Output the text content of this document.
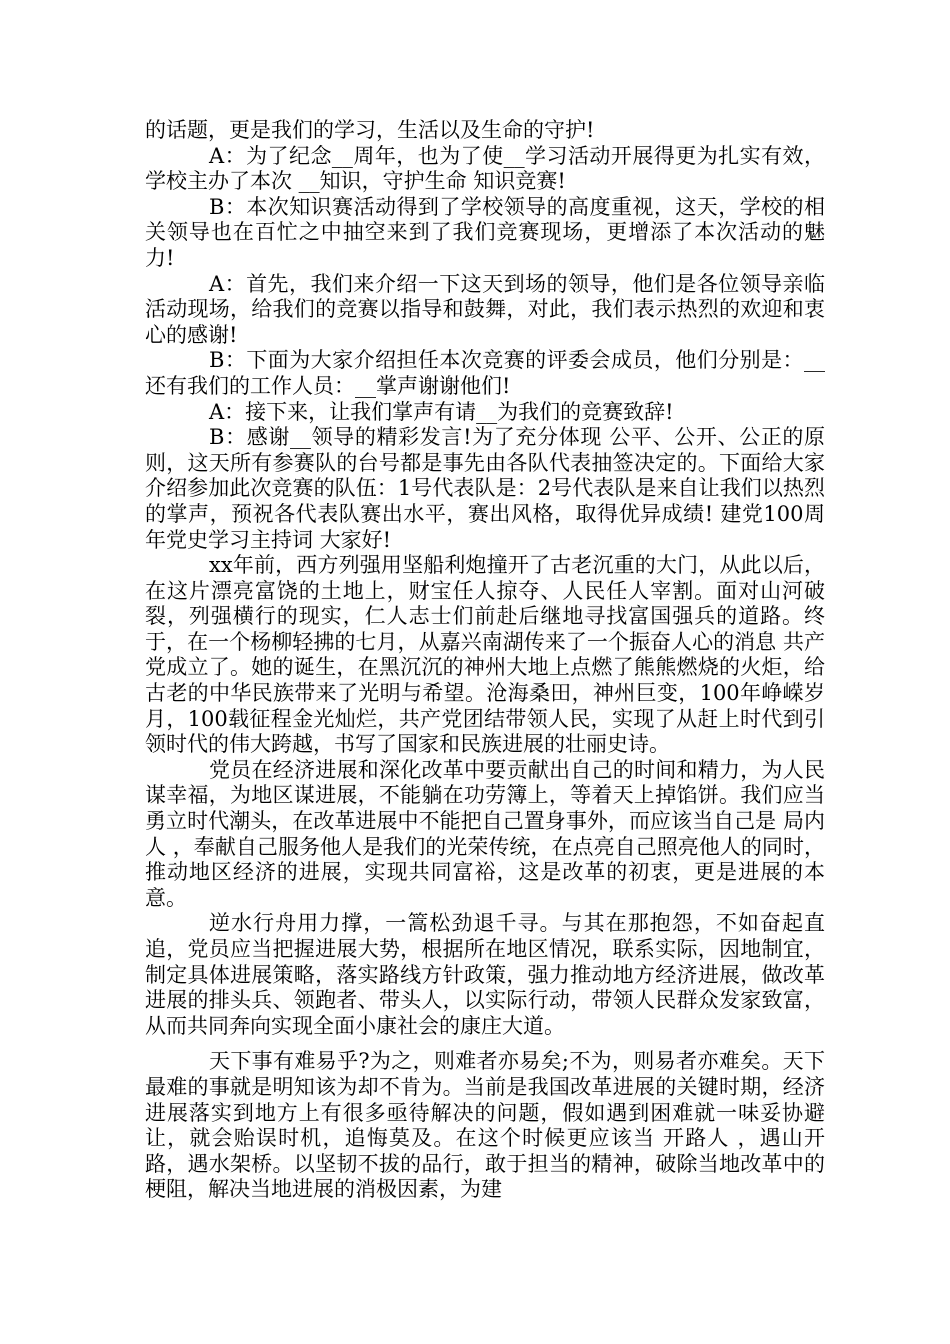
的话题，更是我们的学习，生活以及生命的守护!

A：为了纪念__周年，也为了使__学习活动开展得更为扎实有效，学校主办了本次 __知识，守护生命 知识竞赛!

B：本次知识赛活动得到了学校领导的高度重视，这天，学校的相关领导也在百忙之中抽空来到了我们竞赛现场，更增添了本次活动的魅力!

A：首先，我们来介绍一下这天到场的领导，他们是各位领导亲临活动现场，给我们的竞赛以指导和鼓舞，对此，我们表示热烈的欢迎和衷心的感谢!

B：下面为大家介绍担任本次竞赛的评委会成员，他们分别是：__还有我们的工作人员：__掌声谢谢他们!

A：接下来，让我们掌声有请__为我们的竞赛致辞!

B：感谢__领导的精彩发言!为了充分体现 公平、公开、公正的原则，这天所有参赛队的台号都是事先由各队代表抽签决定的。下面给大家介绍参加此次竞赛的队伍：1号代表队是：2号代表队是来自让我们以热烈的掌声，预祝各代表队赛出水平，赛出风格，取得优异成绩! 建党100周年党史学习主持词 大家好!

xx年前，西方列强用坚船利炮撞开了古老沉重的大门，从此以后，在这片漂亮富饶的土地上，财宝任人掠夺、人民任人宰割。面对山河破裂，列强横行的现实，仁人志士们前赴后继地寻找富国强兵的道路。终于，在一个杨柳轻拂的七月，从嘉兴南湖传来了一个振奋人心的消息 共产党成立了。她的诞生，在黑沉沉的神州大地上点燃了熊熊燃烧的火炬，给古老的中华民族带来了光明与希望。沧海桑田，神州巨变，100年峥嵘岁月，100载征程金光灿烂，共产党团结带领人民，实现了从赶上时代到引领时代的伟大跨越，书写了国家和民族进展的壮丽史诗。

党员在经济进展和深化改革中要贡献出自己的时间和精力，为人民谋幸福，为地区谋进展，不能躺在功劳簿上，等着天上掉馅饼。我们应当勇立时代潮头，在改革进展中不能把自己置身事外，而应该当自己是 局内人 ，奉献自己服务他人是我们的光荣传统，在点亮自己照亮他人的同时，推动地区经济的进展，实现共同富裕，这是改革的初衷，更是进展的本意。

逆水行舟用力撑，一篙松劲退千寻。与其在那抱怨，不如奋起直追，党员应当把握进展大势，根据所在地区情况，联系实际，因地制宜，制定具体进展策略，落实路线方针政策，强力推动地方经济进展，做改革进展的排头兵、领跑者、带头人，以实际行动，带领人民群众发家致富，从而共同奔向实现全面小康社会的康庄大道。

天下事有难易乎?为之，则难者亦易矣;不为，则易者亦难矣。天下最难的事就是明知该为却不肯为。当前是我国改革进展的关键时期，经济进展落实到地方上有很多亟待解决的问题，假如遇到困难就一味妥协避让，就会贻误时机，追悔莫及。在这个时候更应该当 开路人 ，遇山开路，遇水架桥。以坚韧不拔的品行，敢于担当的精神，破除当地改革中的梗阻，解决当地进展的消极因素，为建
